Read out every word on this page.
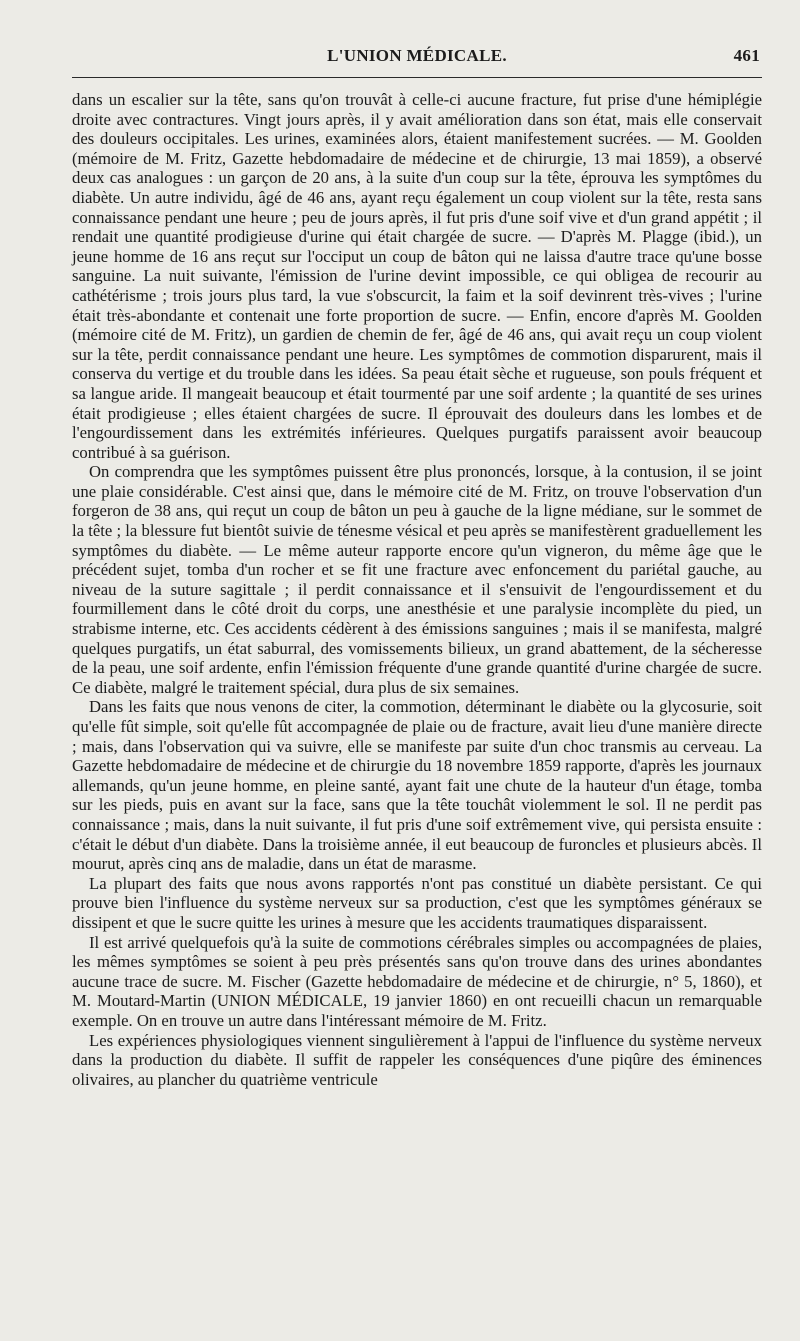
L'UNION MÉDICALE.	461

dans un escalier sur la tête, sans qu'on trouvât à celle-ci aucune fracture, fut prise d'une hémiplégie droite avec contractures. Vingt jours après, il y avait amélioration dans son état, mais elle conservait des douleurs occipitales. Les urines, examinées alors, étaient manifestement sucrées. — M. Goolden (mémoire de M. Fritz, Gazette hebdomadaire de médecine et de chirurgie, 13 mai 1859), a observé deux cas analogues : un garçon de 20 ans, à la suite d'un coup sur la tête, éprouva les symptômes du diabète. Un autre individu, âgé de 46 ans, ayant reçu également un coup violent sur la tête, resta sans connaissance pendant une heure ; peu de jours après, il fut pris d'une soif vive et d'un grand appétit ; il rendait une quantité prodigieuse d'urine qui était chargée de sucre. — D'après M. Plagge (ibid.), un jeune homme de 16 ans reçut sur l'occiput un coup de bâton qui ne laissa d'autre trace qu'une bosse sanguine. La nuit suivante, l'émission de l'urine devint impossible, ce qui obligea de recourir au cathétérisme ; trois jours plus tard, la vue s'obscurcit, la faim et la soif devinrent très-vives ; l'urine était très-abondante et contenait une forte proportion de sucre. — Enfin, encore d'après M. Goolden (mémoire cité de M. Fritz), un gardien de chemin de fer, âgé de 46 ans, qui avait reçu un coup violent sur la tête, perdit connaissance pendant une heure. Les symptômes de commotion disparurent, mais il conserva du vertige et du trouble dans les idées. Sa peau était sèche et rugueuse, son pouls fréquent et sa langue aride. Il mangeait beaucoup et était tourmenté par une soif ardente ; la quantité de ses urines était prodigieuse ; elles étaient chargées de sucre. Il éprouvait des douleurs dans les lombes et de l'engourdissement dans les extrémités inférieures. Quelques purgatifs paraissent avoir beaucoup contribué à sa guérison.

On comprendra que les symptômes puissent être plus prononcés, lorsque, à la contusion, il se joint une plaie considérable. C'est ainsi que, dans le mémoire cité de M. Fritz, on trouve l'observation d'un forgeron de 38 ans, qui reçut un coup de bâton un peu à gauche de la ligne médiane, sur le sommet de la tête ; la blessure fut bientôt suivie de ténesme vésical et peu après se manifestèrent graduellement les symptômes du diabète. — Le même auteur rapporte encore qu'un vigneron, du même âge que le précédent sujet, tomba d'un rocher et se fit une fracture avec enfoncement du pariétal gauche, au niveau de la suture sagittale ; il perdit connaissance et il s'ensuivit de l'engourdissement et du fourmillement dans le côté droit du corps, une anesthésie et une paralysie incomplète du pied, un strabisme interne, etc. Ces accidents cédèrent à des émissions sanguines ; mais il se manifesta, malgré quelques purgatifs, un état saburral, des vomissements bilieux, un grand abattement, de la sécheresse de la peau, une soif ardente, enfin l'émission fréquente d'une grande quantité d'urine chargée de sucre. Ce diabète, malgré le traitement spécial, dura plus de six semaines.

Dans les faits que nous venons de citer, la commotion, déterminant le diabète ou la glycosurie, soit qu'elle fût simple, soit qu'elle fût accompagnée de plaie ou de fracture, avait lieu d'une manière directe ; mais, dans l'observation qui va suivre, elle se manifeste par suite d'un choc transmis au cerveau. La Gazette hebdomadaire de médecine et de chirurgie du 18 novembre 1859 rapporte, d'après les journaux allemands, qu'un jeune homme, en pleine santé, ayant fait une chute de la hauteur d'un étage, tomba sur les pieds, puis en avant sur la face, sans que la tête touchât violemment le sol. Il ne perdit pas connaissance ; mais, dans la nuit suivante, il fut pris d'une soif extrêmement vive, qui persista ensuite : c'était le début d'un diabète. Dans la troisième année, il eut beaucoup de furoncles et plusieurs abcès. Il mourut, après cinq ans de maladie, dans un état de marasme.

La plupart des faits que nous avons rapportés n'ont pas constitué un diabète persistant. Ce qui prouve bien l'influence du système nerveux sur sa production, c'est que les symptômes généraux se dissipent et que le sucre quitte les urines à mesure que les accidents traumatiques disparaissent.

Il est arrivé quelquefois qu'à la suite de commotions cérébrales simples ou accompagnées de plaies, les mêmes symptômes se soient à peu près présentés sans qu'on trouve dans des urines abondantes aucune trace de sucre. M. Fischer (Gazette hebdomadaire de médecine et de chirurgie, n° 5, 1860), et M. Moutard-Martin (UNION MÉDICALE, 19 janvier 1860) en ont recueilli chacun un remarquable exemple. On en trouve un autre dans l'intéressant mémoire de M. Fritz.

Les expériences physiologiques viennent singulièrement à l'appui de l'influence du système nerveux dans la production du diabète. Il suffit de rappeler les conséquences d'une piqûre des éminences olivaires, au plancher du quatrième ventricule
